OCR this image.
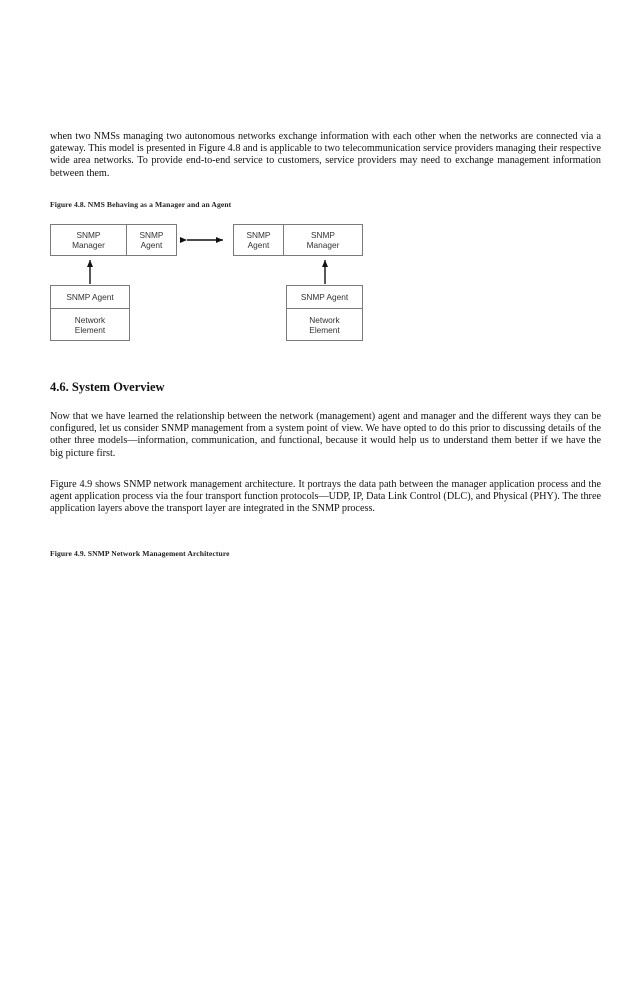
when two NMSs managing two autonomous networks exchange information with each other when the networks are connected via a gateway. This model is presented in Figure 4.8 and is applicable to two telecommunication service providers managing their respective wide area networks. To provide end-to-end service to customers, service providers may need to exchange management information between them.

Figure 4.8. NMS Behaving as a Manager and an Agent
SNMP
Manager
SNMP
Agent
SNMP
Agent
SNMP
Manager
SNMP Agent
Network
Element
SNMP Agent
Network
Element
4.6. System Overview

Now that we have learned the relationship between the network (management) agent and manager and the different ways they can be configured, let us consider SNMP management from a system point of view. We have opted to do this prior to discussing details of the other three models—information, communication, and functional, because it would help us to understand them better if we have the big picture first.

Figure 4.9 shows SNMP network management architecture. It portrays the data path between the manager application process and the agent application process via the four transport function protocols—UDP, IP, Data Link Control (DLC), and Physical (PHY). The three application layers above the transport layer are integrated in the SNMP process.

Figure 4.9. SNMP Network Management Architecture
